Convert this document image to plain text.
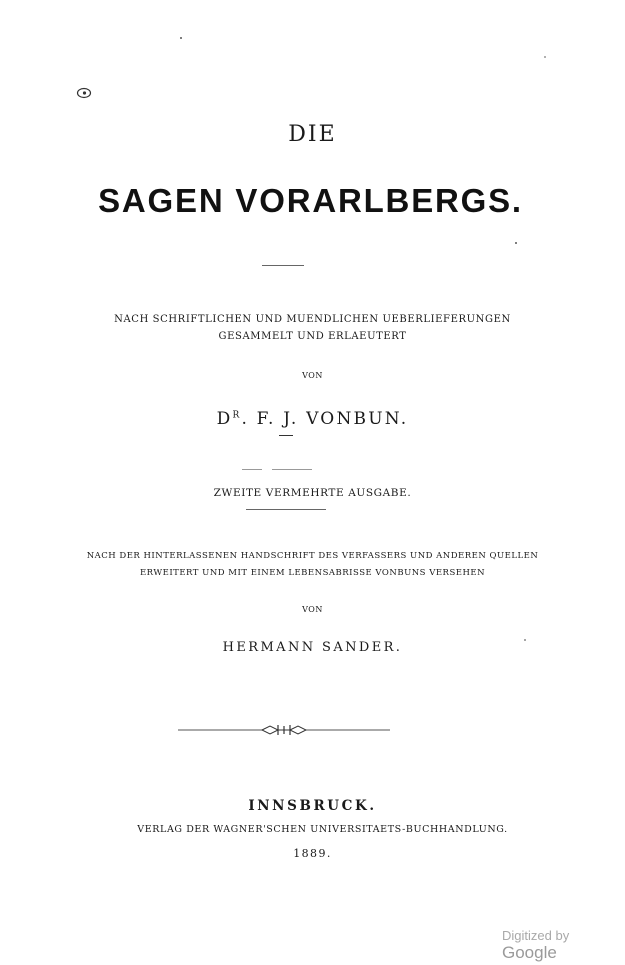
DIE
SAGEN VORARLBERGS.
NACH SCHRIFTLICHEN UND MUENDLICHEN UEBERLIEFERUNGEN
GESAMMELT UND ERLAEUTERT
VON
$D^R$. F. J. VONBUN.
ZWEITE VERMEHRTE AUSGABE.
NACH DER HINTERLASSENEN HANDSCHRIFT DES VERFASSERS UND ANDEREN QUELLEN
ERWEITERT UND MIT EINEM LEBENSABRISSE VONBUNS VERSEHEN
VON
HERMANN SANDER.
INNSBRUCK.
VERLAG DER WAGNER'SCHEN UNIVERSITAETS-BUCHHANDLUNG.
1889.
Digitized by Google
